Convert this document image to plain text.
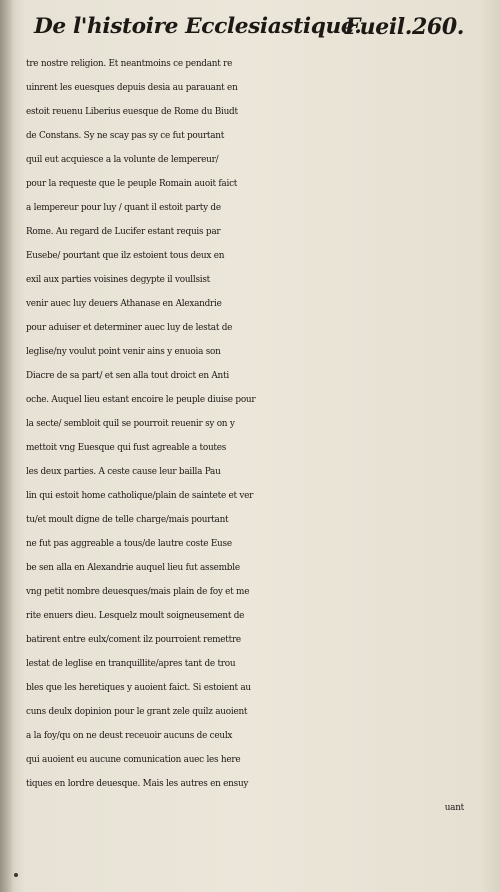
De l'histoire Ecclesiastique.
Fueil.260.
tre nostre religion. Et neantmoins ce pendant re
uinrent les euesques depuis desia au parauant en
estoit reuenu Liberius euesque de Rome du Biudt
de Constans. Sy ne scay pas sy ce fut pourtant
quil eut acquiesce a la volunte de lempereur/
pour la requeste que le peuple Romain auoit faict
a lempereur pour luy / quant il estoit party de
Rome. Au regard de Lucifer estant requis par
Eusebe/ pourtant que ilz estoient tous deux en
exil aux parties voisines degypte il voullsist
venir auec luy deuers Athanase en Alexandrie
pour aduiser et determiner auec luy de lestat de
leglise/ny voulut point venir ains y enuoia son
Diacre de sa part/ et sen alla tout droict en Anti
oche. Auquel lieu estant encoire le peuple diuise pour
la secte/ sembloit quil se pourroit reuenir sy on y
mettoit vng Euesque qui fust agreable a toutes
les deux parties. A ceste cause leur bailla Pau
lin qui estoit home catholique/plain de saintete et ver
tu/et moult digne de telle charge/mais pourtant
ne fut pas aggreable a tous/de lautre coste Euse
be sen alla en Alexandrie auquel lieu fut assemble
vng petit nombre deuesques/mais plain de foy et me
rite enuers dieu. Lesquelz moult soigneusement de
batirent entre eulx/coment ilz pourroient remettre
lestat de leglise en tranquillite/apres tant de trou
bles que les heretiques y auoient faict. Si estoient au
cuns deulx dopinion pour le grant zele quilz auoient
a la foy/qu on ne deust receuoir aucuns de ceulx
qui auoient eu aucune comunication auec les here
tiques en lordre deuesque. Mais les autres en ensuy
uant
